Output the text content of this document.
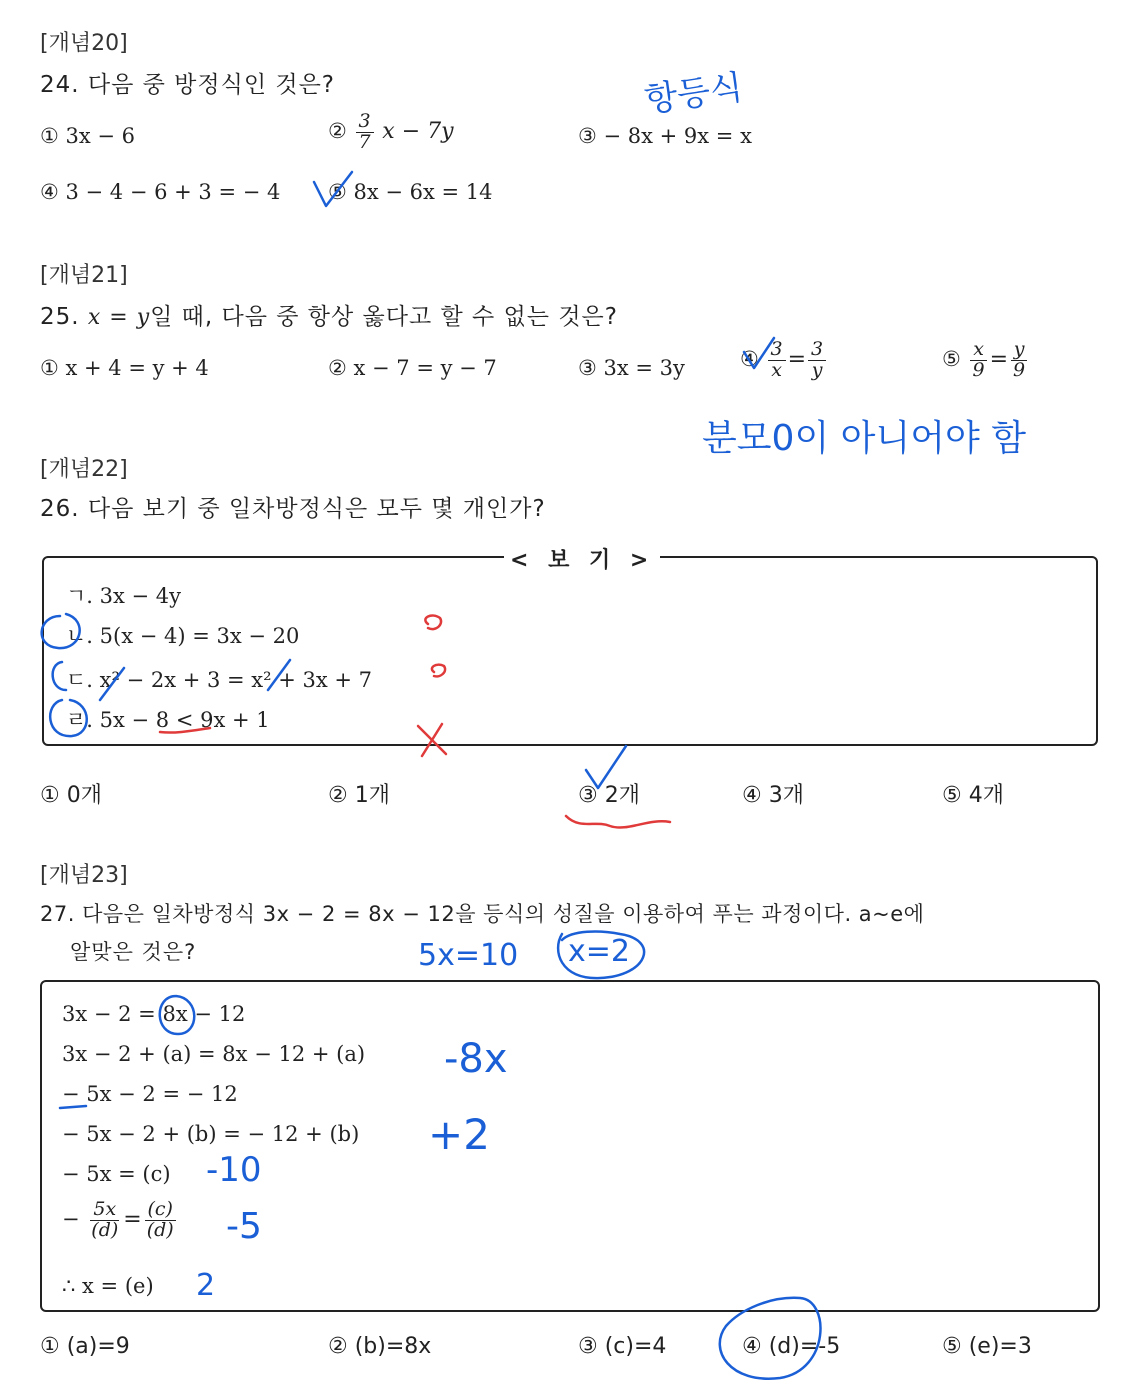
[개념20]
24. 다음 중 방정식인 것은?
① 3x − 6	② $\frac{3}{7}$ x − 7y	③ − 8x + 9x = x
④ 3 − 4 − 6 + 3 = − 4 ⑤ 8x − 6x = 14
항등식
[개념21]
25. x = y일 때, 다음 중 항상 옳다고 할 수 없는 것은?
① x + 4 = y + 4	② x − 7 = y − 7	③ 3x = 3y	④ $\frac{3}{x} = \frac{3}{y}$	⑤ $\frac{x}{9} = \frac{y}{9}$
분모0이 아니어야 함
[개념22]
26. 다음 보기 중 일차방정식은 모두 몇 개인가?
< 보 기 >
ㄱ. 3x − 4y
ㄴ. 5(x − 4) = 3x − 20
ㄷ. x² − 2x + 3 = x² + 3x + 7
ㄹ. 5x − 8 < 9x + 1
① 0개	② 1개	③ 2개	④ 3개	⑤ 4개
[개념23]
27. 다음은 일차방정식 3x − 2 = 8x − 12을 등식의 성질을 이용하여 푸는 과정이다. a~e에
알맞은 것은?
3x − 2 = 8x − 12
3x − 2 + (a) = 8x − 12 + (a)
− 5x − 2 = − 12
− 5x − 2 + (b) = − 12 + (b)
− 5x = (c)
− $\frac{5x}{(d)} = \frac{(c)}{(d)}$
∴ x = (e)
① (a)=9	② (b)=8x	③ (c)=4	④ (d)=-5	⑤ (e)=3
5x=10 x=2
-8x
+2
-10
-5
2
